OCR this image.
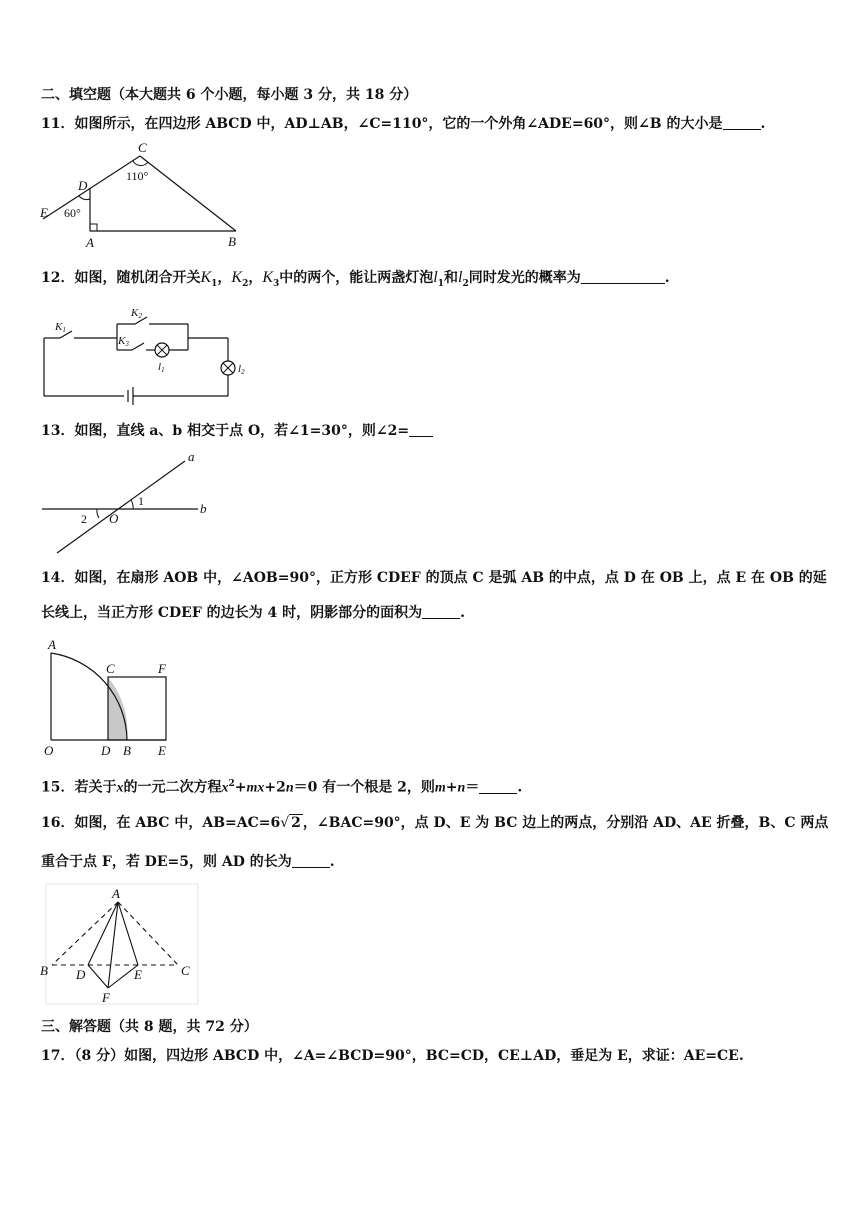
二、填空题（本大题共 6 个小题，每小题 3 分，共 18 分）
11．如图所示，在四边形 ABCD 中，AD⊥AB，∠C=110°，它的一个外角∠ADE=60°，则∠B 的大小是	.
C
110°
D
E 60°
A	B
12．如图，随机闭合开关$K_1$，$K_2$，$K_3$中的两个，能让两盏灯泡$l_1$和$l_2$同时发光的概率为	.
K1
K2
K3
l1	l2
13．如图，直线 a、b 相交于点 O，若∠1=30°，则∠2=
a
b
1
2 O
14．如图，在扇形 AOB 中，∠AOB=90°，正方形 CDEF 的顶点 C 是弧 AB 的中点，点 D 在 OB 上，点 E 在 OB 的延
长线上，当正方形 CDEF 的边长为 4 时，阴影部分的面积为	.
A
C	F
O	D B E
15．若关于x的一元二次方程$x^2+mx+2n=0$ 有一个根是 2，则m+n＝	.
16．如图，在 ABC 中，AB=AC=6√ 2 ，∠BAC=90°，点 D、E 为 BC 边上的两点，分别沿 AD、AE 折叠，B、C 两点
重合于点 F，若 DE=5，则 AD 的长为	.
A
B	C
D	E
F
三、解答题（共 8 题，共 72 分）
17．（8 分）如图，四边形 ABCD 中，∠A=∠BCD=90°，BC=CD，CE⊥AD，垂足为 E，求证：AE=CE.
